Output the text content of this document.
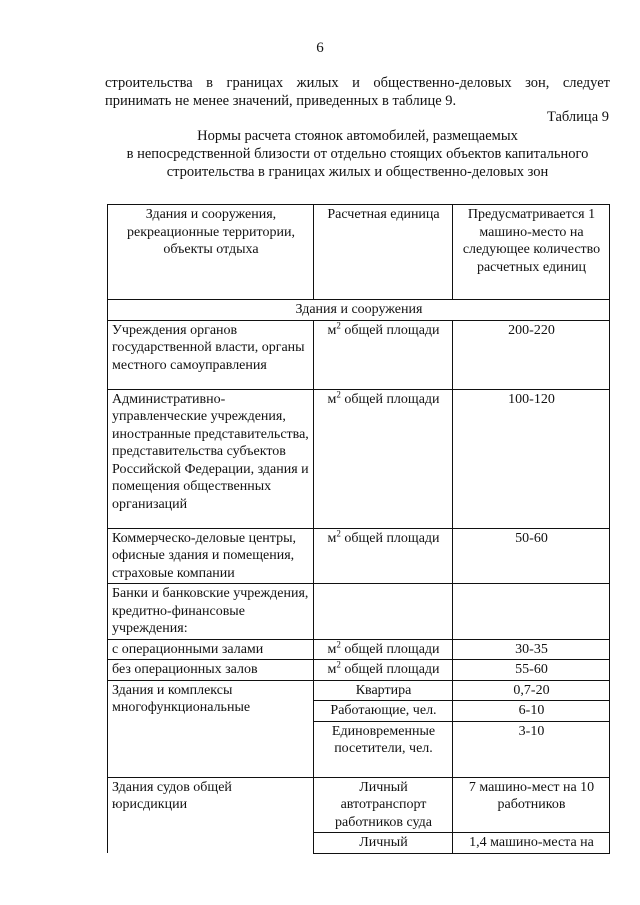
6
строительства в границах жилых и общественно-деловых зон, следует принимать не менее значений, приведенных в таблице 9.
Таблица 9
Нормы расчета стоянок автомобилей, размещаемых
в непосредственной близости от отдельно стоящих объектов капитального
строительства в границах жилых и общественно-деловых зон
Здания и сооружения, рекреационные территории, объекты отдыха	Расчетная единица	Предусматривается 1 машино-место на следующее количество расчетных единиц
Здания и сооружения		
Учреждения органов государственной власти, органы местного самоуправления	$м^2$ общей площади	200-220
Административно-управленческие учреждения, иностранные представительства, представительства субъектов Российской Федерации, здания и помещения общественных организаций	$м^2$ общей площади	100-120
Коммерческо-деловые центры, офисные здания и помещения, страховые компании	$м^2$ общей площади	50-60
Банки и банковские учреждения, кредитно-финансовые учреждения:		
с операционными залами	$м^2$ общей площади	30-35
без операционных залов	$м^2$ общей площади	55-60
Здания и комплексы многофункциональные	Квартира	0,7-20
	Работающие, чел.	6-10
	Единовременные посетители, чел.	3-10
Здания судов общей юрисдикции	Личный автотранспорт работников суда	7 машино-мест на 10 работников
	Личный	1,4 машино-места на
